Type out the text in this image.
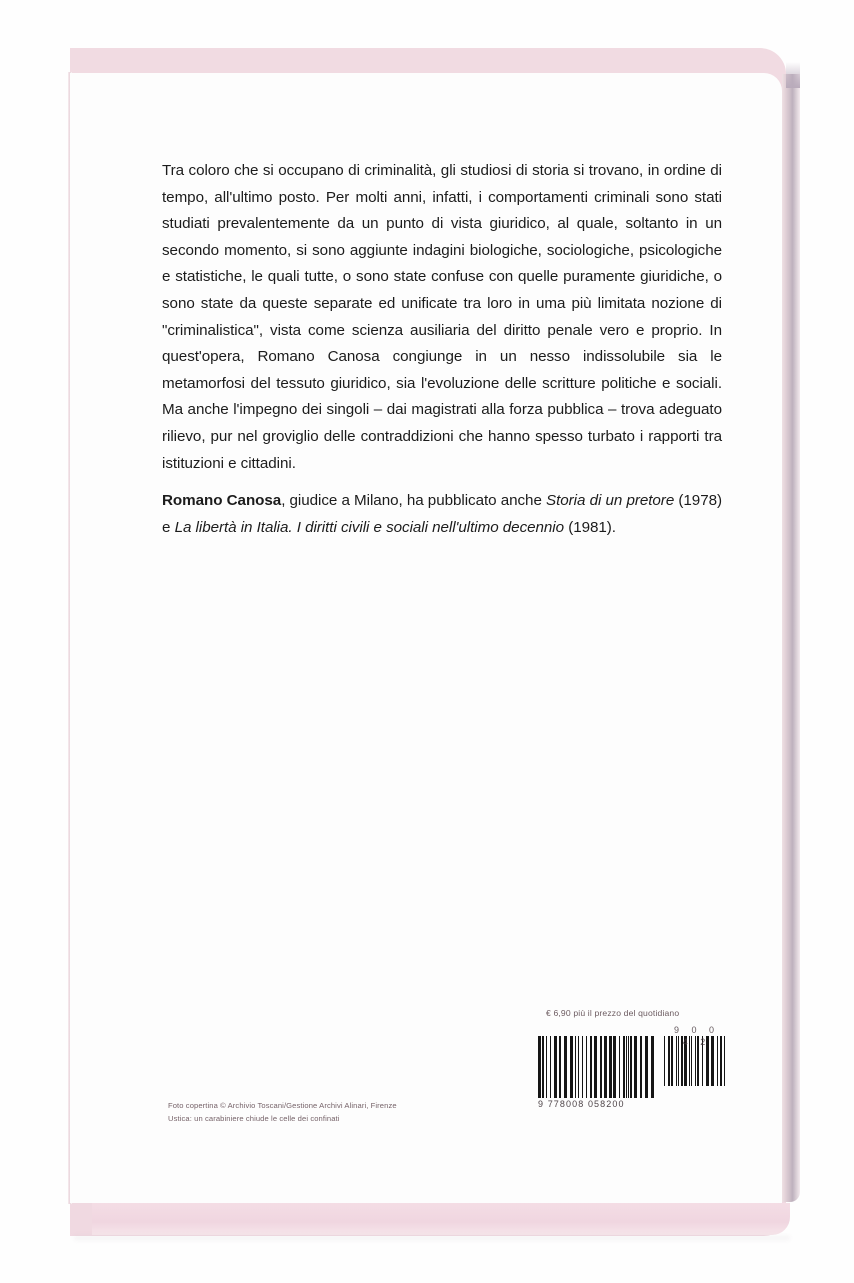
Tra coloro che si occupano di criminalità, gli studiosi di storia si trovano, in ordine di tempo, all'ultimo posto. Per molti anni, infatti, i comportamenti criminali sono stati studiati prevalentemente da un punto di vista giuridico, al quale, soltanto in un secondo momento, si sono aggiunte indagini biologiche, sociologiche, psicologiche e statistiche, le quali tutte, o sono state confuse con quelle puramente giuridiche, o sono state da queste separate ed unificate tra loro in uma più limitata nozione di "criminalistica", vista come scienza ausiliaria del diritto penale vero e proprio. In quest'opera, Romano Canosa congiunge in un nesso indissolubile sia le metamorfosi del tessuto giuridico, sia l'evoluzione delle scritture politiche e sociali. Ma anche l'impegno dei singoli – dai magistrati alla forza pubblica – trova adeguato rilievo, pur nel groviglio delle contraddizioni che hanno spesso turbato i rapporti tra istituzioni e cittadini.

Romano Canosa, giudice a Milano, ha pubblicato anche Storia di un pretore (1978) e La libertà in Italia. I diritti civili e sociali nell'ultimo decennio (1981).
€ 6,90 più il prezzo del quotidiano
9 778008 058200
9 0 0 4 2
Foto copertina © Archivio Toscani/Gestione Archivi Alinari, Firenze
Ustica: un carabiniere chiude le celle dei confinati
